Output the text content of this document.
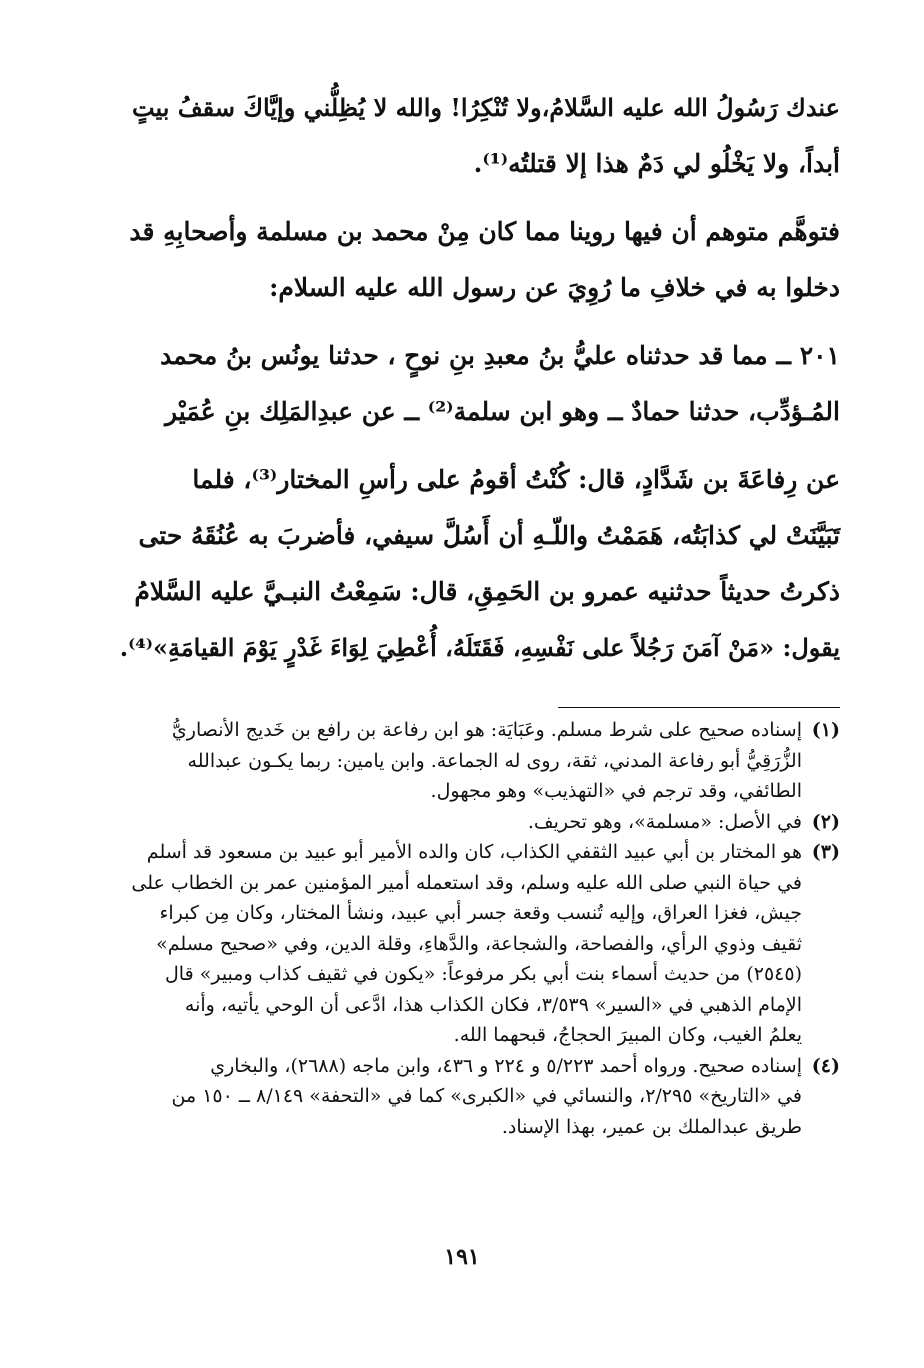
عندك رَسُولُ الله عليه السَّلامُ،ولا تُنْكِرُا! والله لا يُظِلُّني وإيَّاكَ سقفُ بيتٍ
أبداً، ولا يَخْلُو لي دَمٌ هذا إلا قتلتُه⁽¹⁾.

فتوهَّم متوهم أن فيها روينا مما كان مِنْ محمد بن مسلمة وأصحابِهِ قد
دخلوا به في خلافِ ما رُوِيَ عن رسول الله عليه السلام:

٢٠١ ــ مما قد حدثناه عليُّ بنُ معبدِ بنِ نوحٍ ، حدثنا يونُس بنُ محمد
المُـؤدِّب، حدثنا حمادٌ ــ وهو ابن سلمة⁽²⁾ ــ عن عبدِالمَلِك بنِ عُمَيْر

عن رِفاعَةَ بن شَدَّادٍ، قال: كُنْتُ أقومُ على رأسِ المختار⁽³⁾، فلما
تَبَيَّنَتْ لي كذابَتُه، هَمَمْتُ واللّـهِ أن أَسُلَّ سيفي، فأضربَ به عُنُقَهُ حتى
ذكرتُ حديثاً حدثنيه عمرو بن الحَمِقِ، قال: سَمِعْتُ النبـيَّ عليه السَّلامُ
يقول: «مَنْ آمَنَ رَجُلاً على نَفْسِهِ، فَقَتَلَهُ، أُعْطِيَ لِوَاءَ غَدْرٍ يَوْمَ القيامَةِ»⁽⁴⁾.

(١)
إسناده صحيح على شرط مسلم. وعَبَايَة: هو ابن رفاعة بن رافع بن خَديج الأنصاريُّ
الزُّرَقِيُّ أبو رفاعة المدني، ثقة، روى له الجماعة. وابن يامين: ربما يكـون عبدالله
الطائفي، وقد ترجم في «التهذيب» وهو مجهول.
(٢)
في الأصل: «مسلمة»، وهو تحريف.
(٣)
هو المختار بن أبي عبيد الثقفي الكذاب، كان والده الأمير أبو عبيد بن مسعود قد أسلم
في حياة النبي صلى الله عليه وسلم، وقد استعمله أمير المؤمنين عمر بن الخطاب على
جيش، فغزا العراق، وإليه تُنسب وقعة جسر أبي عبيد، ونشأ المختار، وكان مِن كبراء
ثقيف وذوي الرأي، والفصاحة، والشجاعة، والدَّهاءِ، وقلة الدين، وفي «صحيح مسلم»
(٢٥٤٥) من حديث أسماء بنت أبي بكر مرفوعاً: «يكون في ثقيف كذاب ومبير» قال
الإمام الذهبي في «السير» ٣/٥٣٩، فكان الكذاب هذا، ادَّعى أن الوحي يأتيه، وأنه
يعلمُ الغيب، وكان المبيرَ الحجاجُ، قبحهما الله.
(٤)
إسناده صحيح. ورواه أحمد ٥/٢٢٣ و ٢٢٤ و ٤٣٦، وابن ماجه (٢٦٨٨)، والبخاري
في «التاريخ» ٢/٢٩٥، والنسائي في «الكبرى» كما في «التحفة» ٨/١٤٩ ــ ١٥٠ من
طريق عبدالملك بن عمير، بهذا الإسناد.
١٩١
